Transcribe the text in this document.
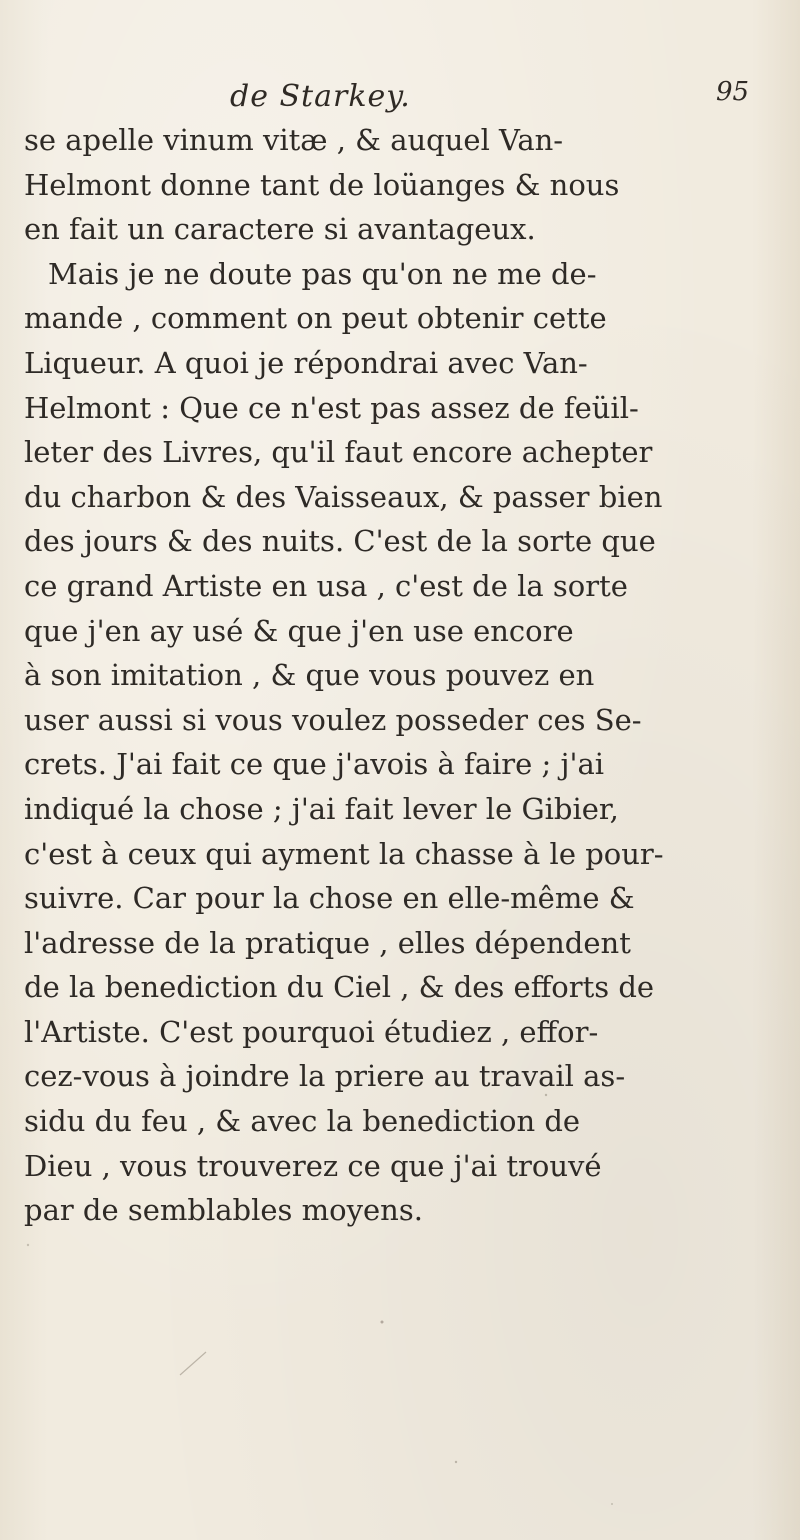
de Starkey.	95
se apelle vinum vitæ , & auquel Van-
Helmont donne tant de loüanges & nous
en fait un caractere si avantageux.
Mais je ne doute pas qu'on ne me de-
mande , comment on peut obtenir cette
Liqueur. A quoi je répondrai avec Van-
Helmont : Que ce n'est pas assez de feüil-
leter des Livres, qu'il faut encore achepter
du charbon & des Vaisseaux, & passer bien
des jours & des nuits. C'est de la sorte que
ce grand Artiste en usa , c'est de la sorte
que j'en ay usé & que j'en use encore
à son imitation , & que vous pouvez en
user aussi si vous voulez posseder ces Se-
crets. J'ai fait ce que j'avois à faire ; j'ai
indiqué la chose ; j'ai fait lever le Gibier,
c'est à ceux qui ayment la chasse à le pour-
suivre. Car pour la chose en elle-même &
l'adresse de la pratique , elles dépendent
de la benediction du Ciel , & des efforts de
l'Artiste. C'est pourquoi étudiez , effor-
cez-vous à joindre la priere au travail as-
sidu du feu , & avec la benediction de
Dieu , vous trouverez ce que j'ai trouvé
par de semblables moyens.
